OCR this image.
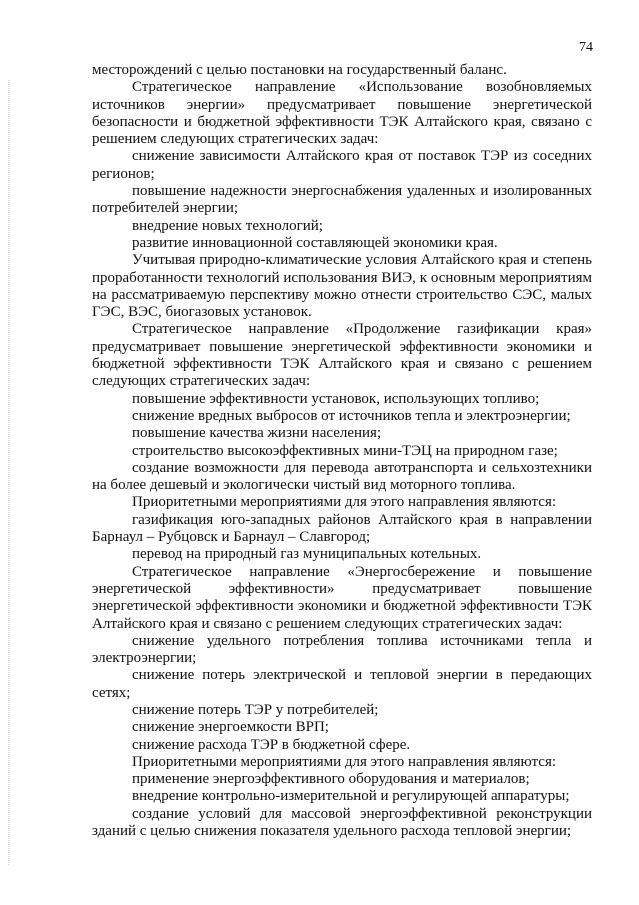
74

месторождений с целью постановки на государственный баланс.

Стратегическое направление «Использование возобновляемых источников энергии» предусматривает повышение энергетической безопасности и бюджетной эффективности ТЭК Алтайского края, связано с решением следующих стратегических задач:

снижение зависимости Алтайского края от поставок ТЭР из соседних регионов;

повышение надежности энергоснабжения удаленных и изолированных потребителей энергии;

внедрение новых технологий;

развитие инновационной составляющей экономики края.

Учитывая природно-климатические условия Алтайского края и степень проработанности технологий использования ВИЭ, к основным мероприятиям на рассматриваемую перспективу можно отнести строительство СЭС, малых ГЭС, ВЭС, биогазовых установок.

Стратегическое направление «Продолжение газификации края» предусматривает повышение энергетической эффективности экономики и бюджетной эффективности ТЭК Алтайского края и связано с решением следующих стратегических задач:

повышение эффективности установок, использующих топливо;

снижение вредных выбросов от источников тепла и электроэнергии;

повышение качества жизни населения;

строительство высокоэффективных мини-ТЭЦ на природном газе;

создание возможности для перевода автотранспорта и сельхозтехники на более дешевый и экологически чистый вид моторного топлива.

Приоритетными мероприятиями для этого направления являются:

газификация юго-западных районов Алтайского края в направлении Барнаул – Рубцовск и Барнаул – Славгород;

перевод на природный газ муниципальных котельных.

Стратегическое направление «Энергосбережение и повышение энергетической эффективности» предусматривает повышение энергетической эффективности экономики и бюджетной эффективности ТЭК Алтайского края и связано с решением следующих стратегических задач:

снижение удельного потребления топлива источниками тепла и электроэнергии;

снижение потерь электрической и тепловой энергии в передающих сетях;

снижение потерь ТЭР у потребителей;

снижение энергоемкости ВРП;

снижение расхода ТЭР в бюджетной сфере.

Приоритетными мероприятиями для этого направления являются:

применение энергоэффективного оборудования и материалов;

внедрение контрольно-измерительной и регулирующей аппаратуры;

создание условий для массовой энергоэффективной реконструкции зданий с целью снижения показателя удельного расхода тепловой энергии;
